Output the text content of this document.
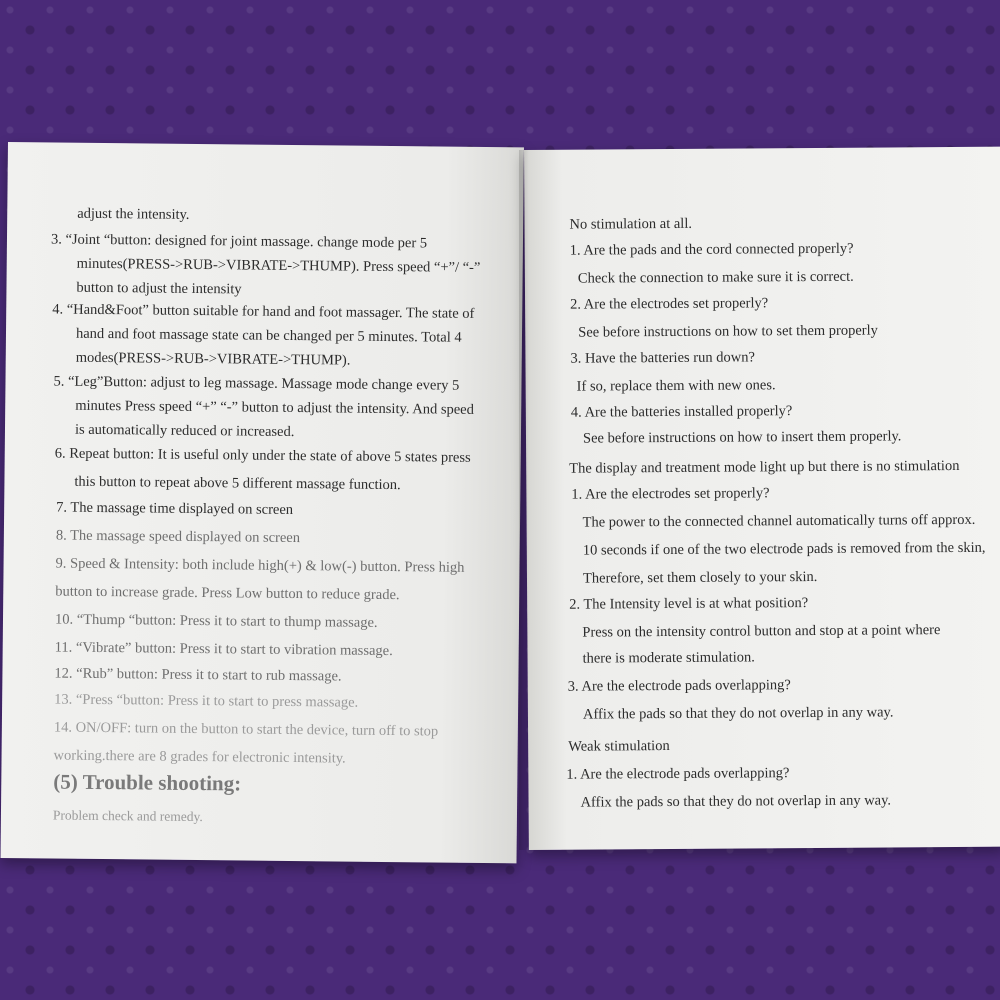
adjust the intensity.
3. “Joint “button: designed for joint massage. change mode per 5
minutes(PRESS->RUB->VIBRATE->THUMP). Press speed “+”/ “-”
button to adjust the intensity
4. “Hand&Foot” button suitable for hand and foot massager. The state of
hand and foot massage state can be changed per 5 minutes. Total 4
modes(PRESS->RUB->VIBRATE->THUMP).
5. “Leg”Button: adjust to leg massage. Massage mode change every 5
minutes Press speed “+” “-” button to adjust the intensity. And speed
is automatically reduced or increased.
6. Repeat button: It is useful only under the state of above 5 states press
this button to repeat above 5 different massage function.
7. The massage time displayed on screen
8. The massage speed displayed on screen
9. Speed & Intensity: both include high(+) & low(-) button. Press high
button to increase grade. Press Low button to reduce grade.
10. “Thump “button: Press it to start to thump massage.
11. “Vibrate” button: Press it to start to vibration massage.
12. “Rub” button: Press it to start to rub massage.
13. “Press “button: Press it to start to press massage.
14. ON/OFF: turn on the button to start the device, turn off to stop
working.there are 8 grades for electronic intensity.
(5) Trouble shooting:
Problem check and remedy.
No stimulation at all.
1. Are the pads and the cord connected properly?
Check the connection to make sure it is correct.
2. Are the electrodes set properly?
See before instructions on how to set them properly
3. Have the batteries run down?
If so, replace them with new ones.
4. Are the batteries installed properly?
See before instructions on how to insert them properly.
The display and treatment mode light up but there is no stimulation
1. Are the electrodes set properly?
The power to the connected channel automatically turns off approx.
10 seconds if one of the two electrode pads is removed from the skin,
Therefore, set them closely to your skin.
2. The Intensity level is at what position?
Press on the intensity control button and stop at a point where
there is moderate stimulation.
3. Are the electrode pads overlapping?
Affix the pads so that they do not overlap in any way.
Weak stimulation
1. Are the electrode pads overlapping?
Affix the pads so that they do not overlap in any way.
